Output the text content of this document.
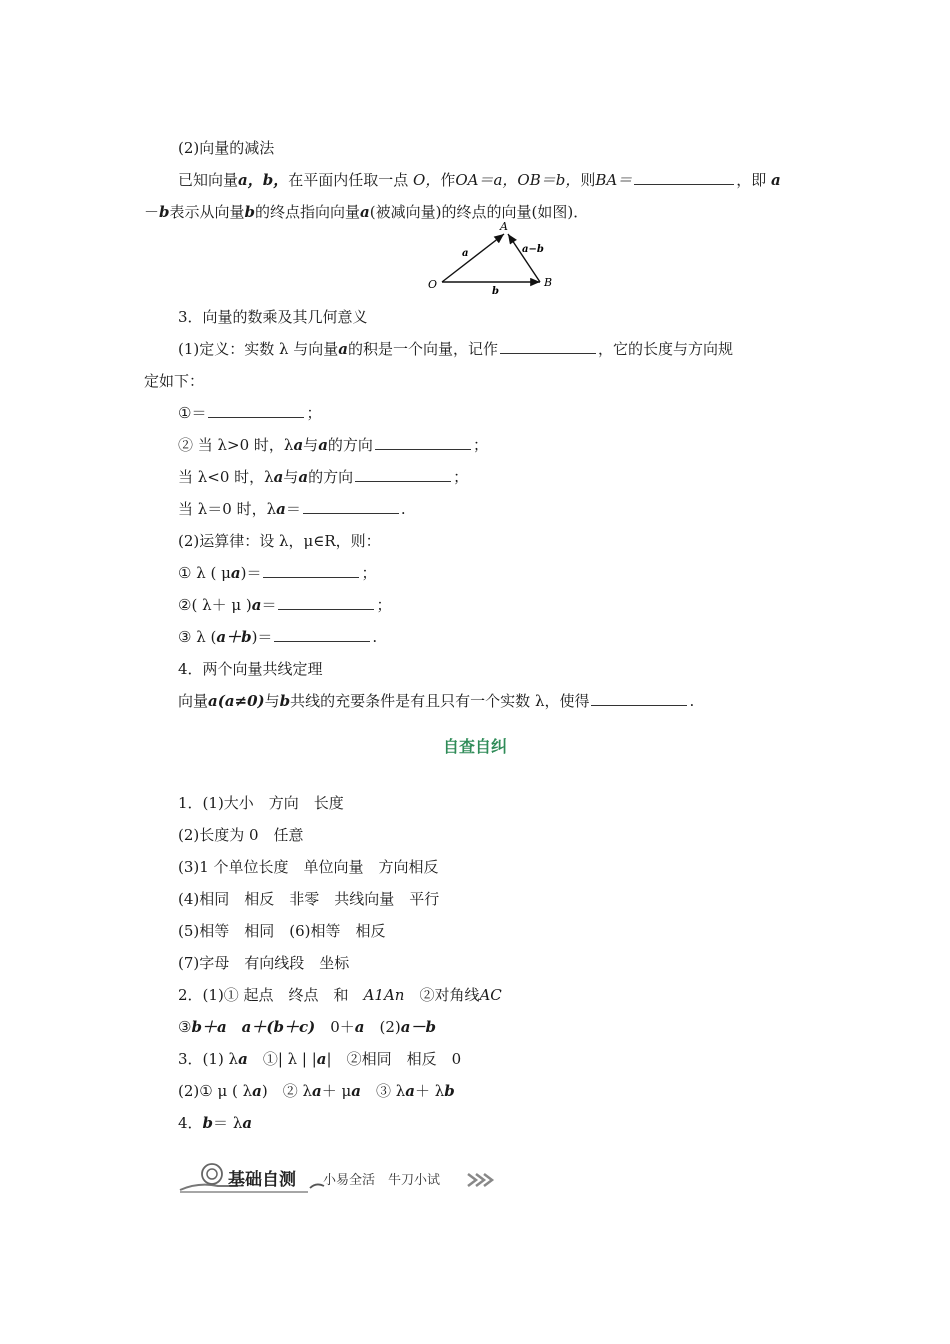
(2)向量的减法
已知向量a，b，在平面内任取一点 O，作OA＝a，OB＝b，则BA＝	，即 a
－b表示从向量b的终点指向向量a(被减向量)的终点的向量(如图)．
O
A
B
a
b
a−b
3．向量的数乘及其几何意义
(1)定义：实数 λ 与向量a的积是一个向量，记作	，它的长度与方向规
定如下：
①＝	；
② 当 λ>0 时，λa与a的方向	；
当 λ<0 时，λa与a的方向	；
当 λ＝0 时，λa＝	.
(2)运算律：设 λ，μ∈R，则：
① λ ( μa)＝	；
②( λ＋ μ )a＝	；
③ λ (a＋b)＝	.
4．两个向量共线定理
向量a(a≠0)与b共线的充要条件是有且只有一个实数 λ，使得	.
自查自纠
1．(1)大小　方向　长度
(2)长度为 0　任意
(3)1 个单位长度　单位向量　方向相反
(4)相同　相反　非零　共线向量　平行
(5)相等　相同　(6)相等　相反
(7)字母　有向线段　坐标
2．(1)① 起点　终点　和　A1An　②对角线AC
③b＋a　a＋(b＋c)　0＋a　(2)a－b
3．(1) λa　①| λ | |a|　②相同　相反　0
(2)① μ ( λa)　② λa＋ μa　③ λa＋ λb
4．b＝ λa
基础自测 小易全活　牛刀小试
